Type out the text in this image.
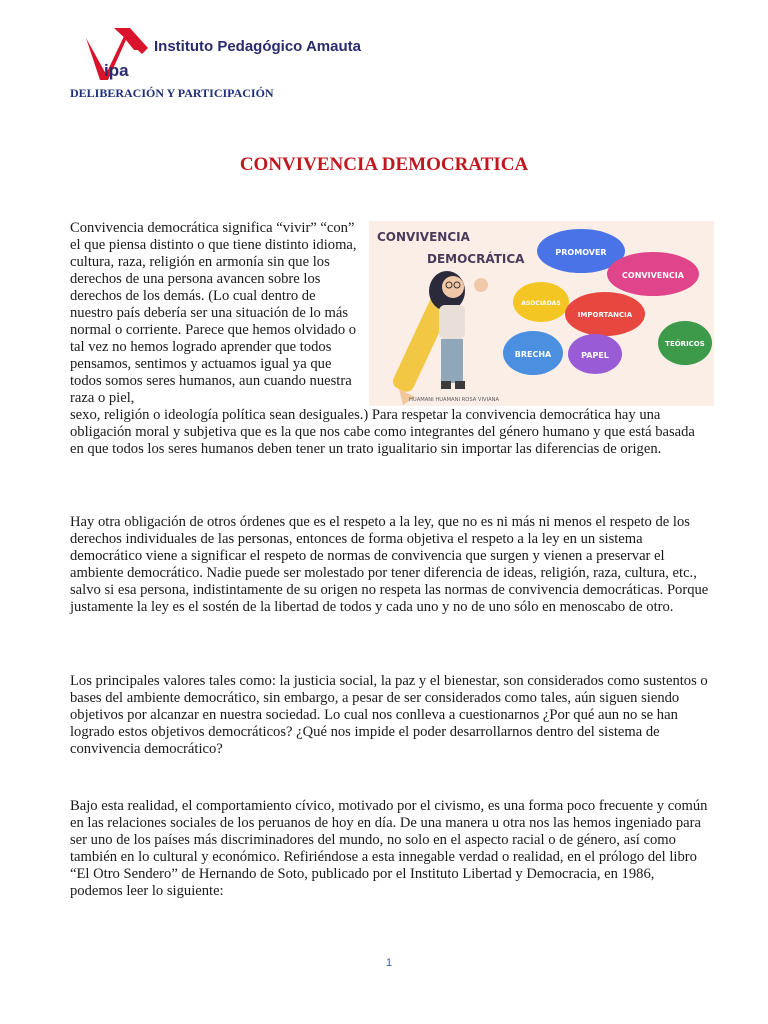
ipa
Instituto Pedagógico Amauta
DELIBERACIÓN Y PARTICIPACIÓN
CONVIVENCIA DEMOCRATICA
CONVIVENCIA
DEMOCRÁTICA	PROMOVER
CONVIVENCIA
ASOCIADAS
IMPORTANCIA
TEÓRICOS
BRECHA	PAPEL
HUAMANI HUAMANI ROSA VIVIANA
Convivencia democrática significa “vivir” “con” el que piensa distinto o que tiene distinto idioma, cultura, raza, religión en armonía sin que los derechos de una persona avancen sobre los derechos de los demás. (Lo cual dentro de nuestro país debería ser una situación de lo más normal o corriente. Parece que hemos olvidado o tal vez no hemos logrado aprender que todos pensamos, sentimos y actuamos igual ya que todos somos seres humanos, aun cuando nuestra raza o piel,
sexo, religión o ideología política sean desiguales.) Para respetar la convivencia democrática hay una obligación moral y subjetiva que es la que nos cabe como integrantes del género humano y que está basada en que todos los seres humanos deben tener un trato igualitario sin importar las diferencias de origen.

Hay otra obligación de otros órdenes que es el respeto a la ley, que no es ni más ni menos el respeto de los derechos individuales de las personas, entonces de forma objetiva el respeto a la ley en un sistema democrático viene a significar el respeto de normas de convivencia que surgen y vienen a preservar el ambiente democrático. Nadie puede ser molestado por tener diferencia de ideas, religión, raza, cultura, etc., salvo si esa persona, indistintamente de su origen no respeta las normas de convivencia democráticas. Porque justamente la ley es el sostén de la libertad de todos y cada uno y no de uno sólo en menoscabo de otro.

Los principales valores tales como: la justicia social, la paz y el bienestar, son considerados como sustentos o bases del ambiente democrático, sin embargo, a pesar de ser considerados como tales, aún siguen siendo objetivos por alcanzar en nuestra sociedad. Lo cual nos conlleva a cuestionarnos ¿Por qué aun no se han logrado estos objetivos democráticos? ¿Qué nos impide el poder desarrollarnos dentro del sistema de convivencia democrático?

Bajo esta realidad, el comportamiento cívico, motivado por el civismo, es una forma poco frecuente y común en las relaciones sociales de los peruanos de hoy en día. De una manera u otra nos las hemos ingeniado para ser uno de los países más discriminadores del mundo, no solo en el aspecto racial o de género, así como también en lo cultural y económico. Refiriéndose a esta innegable verdad o realidad, en el prólogo del libro “El Otro Sendero” de Hernando de Soto, publicado por el Instituto Libertad y Democracia, en 1986, podemos leer lo siguiente:

1
